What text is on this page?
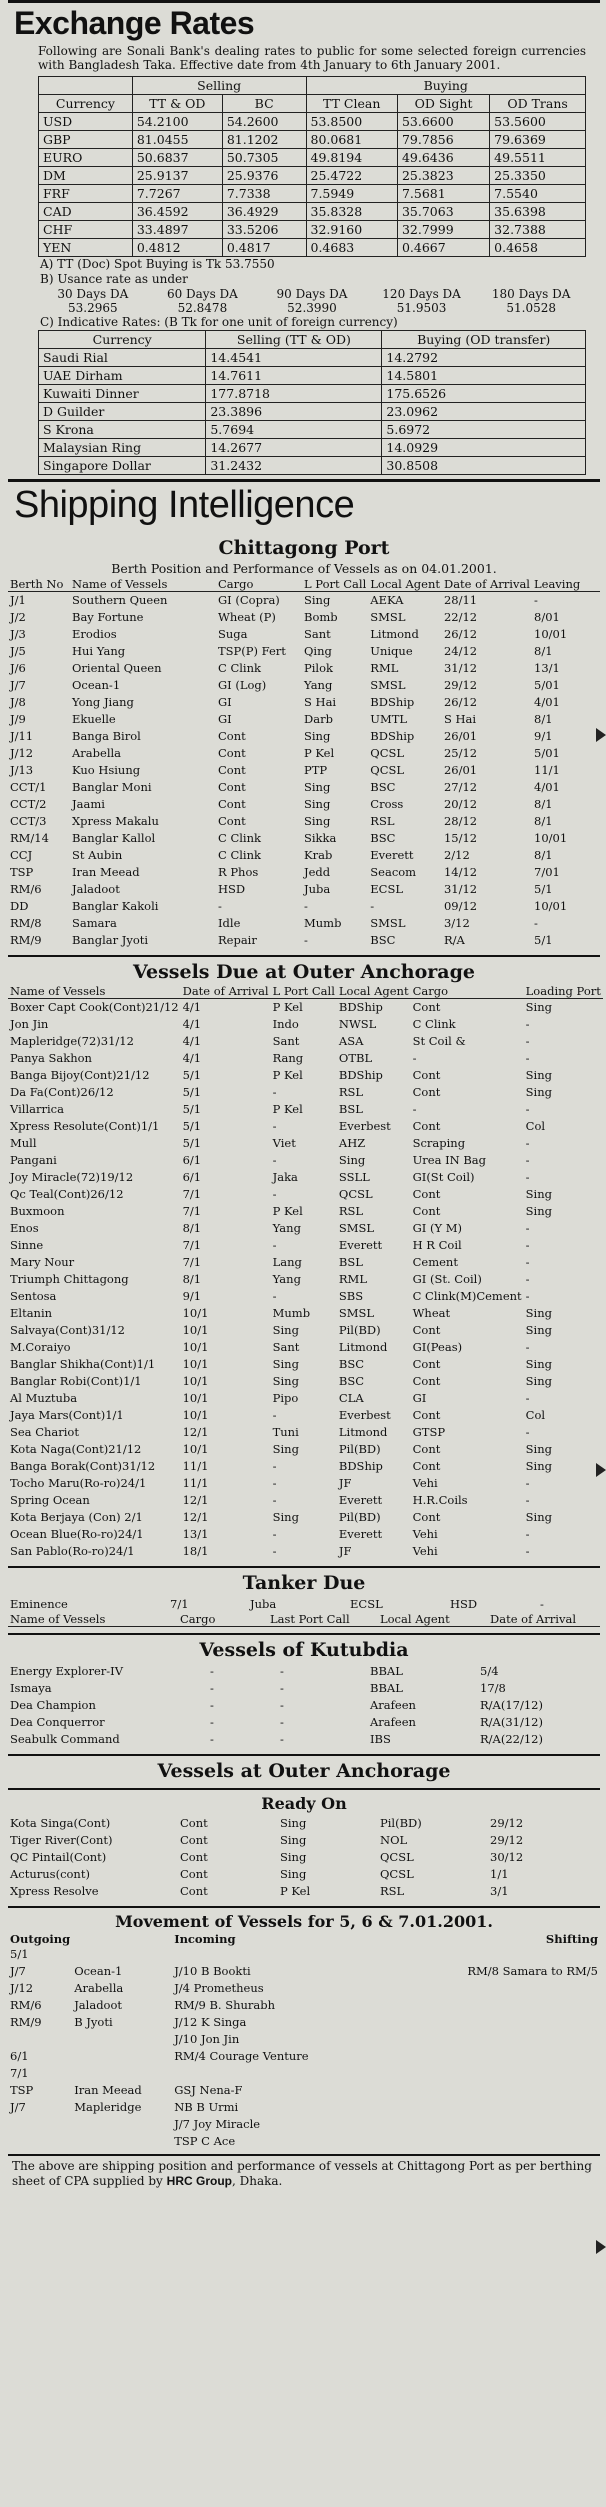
Exchange Rates

Following are Sonali Bank's dealing rates to public for some selected foreign currencies with Bangladesh Taka. Effective date from 4th January to 6th January 2001.

	Selling		Buying		
Currency	TT & OD	BC	TT Clean	OD Sight	OD Trans
USD	54.2100	54.2600	53.8500	53.6600	53.5600
GBP	81.0455	81.1202	80.0681	79.7856	79.6369
EURO	50.6837	50.7305	49.8194	49.6436	49.5511
DM	25.9137	25.9376	25.4722	25.3823	25.3350
FRF	7.7267	7.7338	7.5949	7.5681	7.5540
CAD	36.4592	36.4929	35.8328	35.7063	35.6398
CHF	33.4897	33.5206	32.9160	32.7999	32.7388
YEN	0.4812	0.4817	0.4683	0.4667	0.4658
A) TT (Doc) Spot Buying is Tk 53.7550
B) Usance rate as under
30 Days DA	60 Days DA	90 Days DA	120 Days DA	180 Days DA
53.2965	52.8478	52.3990	51.9503	51.0528
C) Indicative Rates: (B Tk for one unit of foreign currency)
Currency	Selling (TT & OD)	Buying (OD transfer)
Saudi Rial	14.4541	14.2792
UAE Dirham	14.7611	14.5801
Kuwaiti Dinner	177.8718	175.6526
D Guilder	23.3896	23.0962
S Krona	5.7694	5.6972
Malaysian Ring	14.2677	14.0929
Singapore Dollar	31.2432	30.8508
Shipping Intelligence
Chittagong Port
Berth Position and Performance of Vessels as on 04.01.2001.
Berth No	Name of Vessels	Cargo	L Port Call	Local Agent	Date of Arrival	Leaving
J/1	Southern Queen	GI (Copra)	Sing	AEKA	28/11	-
J/2	Bay Fortune	Wheat (P)	Bomb	SMSL	22/12	8/01
J/3	Erodios	Suga	Sant	Litmond	26/12	10/01
J/5	Hui Yang	TSP(P) Fert	Qing	Unique	24/12	8/1
J/6	Oriental Queen	C Clink	Pilok	RML	31/12	13/1
J/7	Ocean-1	GI (Log)	Yang	SMSL	29/12	5/01
J/8	Yong Jiang	GI	S Hai	BDShip	26/12	4/01
J/9	Ekuelle	GI	Darb	UMTL	S Hai	8/1
J/11	Banga Birol	Cont	Sing	BDShip	26/01	9/1
J/12	Arabella	Cont	P Kel	QCSL	25/12	5/01
J/13	Kuo Hsiung	Cont	PTP	QCSL	26/01	11/1
CCT/1	Banglar Moni	Cont	Sing	BSC	27/12	4/01
CCT/2	Jaami	Cont	Sing	Cross	20/12	8/1
CCT/3	Xpress Makalu	Cont	Sing	RSL	28/12	8/1
RM/14	Banglar Kallol	C Clink	Sikka	BSC	15/12	10/01
CCJ	St Aubin	C Clink	Krab	Everett	2/12	8/1
TSP	Iran Meead	R Phos	Jedd	Seacom	14/12	7/01
RM/6	Jaladoot	HSD	Juba	ECSL	31/12	5/1
DD	Banglar Kakoli	-	-	-	09/12	10/01
RM/8	Samara	Idle	Mumb	SMSL	3/12	-
RM/9	Banglar Jyoti	Repair	-	BSC	R/A	5/1
Vessels Due at Outer Anchorage
Name of Vessels	Date of Arrival	L Port Call	Local Agent	Cargo	Loading Port
Boxer Capt Cook(Cont)21/12	4/1	P Kel	BDShip	Cont	Sing
Jon Jin	4/1	Indo	NWSL	C Clink	-
Mapleridge(72)31/12	4/1	Sant	ASA	St Coil &	-
Panya Sakhon	4/1	Rang	OTBL	-	-
Banga Bijoy(Cont)21/12	5/1	P Kel	BDShip	Cont	Sing
Da Fa(Cont)26/12	5/1	-	RSL	Cont	Sing
Villarrica	5/1	P Kel	BSL	-	-
Xpress Resolute(Cont)1/1	5/1	-	Everbest	Cont	Col
Mull	5/1	Viet	AHZ	Scraping	-
Pangani	6/1	-	Sing	Urea IN Bag	-
Joy Miracle(72)19/12	6/1	Jaka	SSLL	GI(St Coil)	-
Qc Teal(Cont)26/12	7/1	-	QCSL	Cont	Sing
Buxmoon	7/1	P Kel	RSL	Cont	Sing
Enos	8/1	Yang	SMSL	GI (Y M)	-
Sinne	7/1	-	Everett	H R Coil	-
Mary Nour	7/1	Lang	BSL	Cement	-
Triumph Chittagong	8/1	Yang	RML	GI (St. Coil)	-
Sentosa	9/1	-	SBS	C Clink(M)Cement	-
Eltanin	10/1	Mumb	SMSL	Wheat	Sing
Salvaya(Cont)31/12	10/1	Sing	Pil(BD)	Cont	Sing
M.Coraiyo	10/1	Sant	Litmond	GI(Peas)	-
Banglar Shikha(Cont)1/1	10/1	Sing	BSC	Cont	Sing
Banglar Robi(Cont)1/1	10/1	Sing	BSC	Cont	Sing
Al Muztuba	10/1	Pipo	CLA	GI	-
Jaya Mars(Cont)1/1	10/1	-	Everbest	Cont	Col
Sea Chariot	12/1	Tuni	Litmond	GTSP	-
Kota Naga(Cont)21/12	10/1	Sing	Pil(BD)	Cont	Sing
Banga Borak(Cont)31/12	11/1	-	BDShip	Cont	Sing
Tocho Maru(Ro-ro)24/1	11/1	-	JF	Vehi	-
Spring Ocean	12/1	-	Everett	H.R.Coils	-
Kota Berjaya (Con) 2/1	12/1	Sing	Pil(BD)	Cont	Sing
Ocean Blue(Ro-ro)24/1	13/1	-	Everett	Vehi	-
San Pablo(Ro-ro)24/1	18/1	-	JF	Vehi	-
Tanker Due
Eminence	7/1	Juba	ECSL	HSD	-
Name of Vessels	Cargo	Last Port Call	Local Agent	Date of Arrival
Vessels of Kutubdia
Energy Explorer-IV	-	-	BBAL	5/4
Ismaya	-	-	BBAL	17/8
Dea Champion	-	-	Arafeen	R/A(17/12)
Dea Conquerror	-	-	Arafeen	R/A(31/12)
Seabulk Command	-	-	IBS	R/A(22/12)
Vessels at Outer Anchorage
Ready On
Kota Singa(Cont)	Cont	Sing	Pil(BD)	29/12
Tiger River(Cont)	Cont	Sing	NOL	29/12
QC Pintail(Cont)	Cont	Sing	QCSL	30/12
Acturus(cont)	Cont	Sing	QCSL	1/1
Xpress Resolve	Cont	P Kel	RSL	3/1
Movement of Vessels for 5, 6 & 7.01.2001.
Outgoing		Incoming	Shifting
5/1			
J/7	Ocean-1	J/10 B Bookti	RM/8 Samara to RM/5
J/12	Arabella	J/4 Prometheus	
RM/6	Jaladoot	RM/9 B. Shurabh	
RM/9	B Jyoti	J/12 K Singa	
		J/10 Jon Jin	
6/1		RM/4 Courage Venture	
7/1			
TSP	Iran Meead	GSJ Nena-F	
J/7	Mapleridge	NB B Urmi	
		J/7 Joy Miracle	
		TSP C Ace	
The above are shipping position and performance of vessels at Chittagong Port as per berthing sheet of CPA supplied by HRC Group, Dhaka.
